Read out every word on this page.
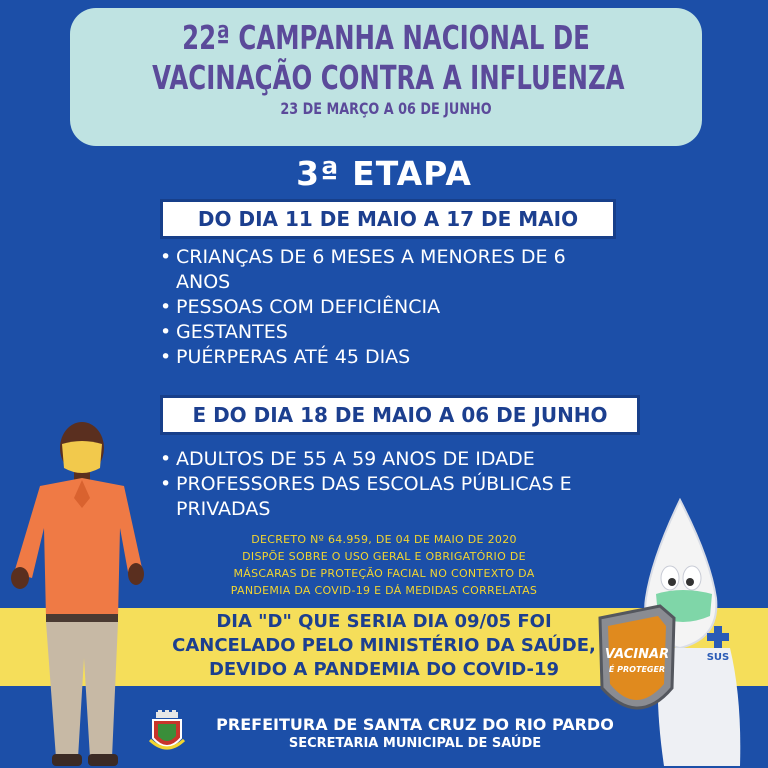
22ª CAMPANHA NACIONAL DE
VACINAÇÃO CONTRA A INFLUENZA
23 DE MARÇO A 06 DE JUNHO
3ª ETAPA
DO DIA 11 DE MAIO A 17 DE MAIO
• CRIANÇAS DE 6 MESES A MENORES DE 6 ANOS
• PESSOAS COM DEFICIÊNCIA
• GESTANTES
• PUÉRPERAS ATÉ 45 DIAS
E DO DIA 18 DE MAIO A 06 DE JUNHO
• ADULTOS DE 55 A 59 ANOS DE IDADE
• PROFESSORES DAS ESCOLAS PÚBLICAS E PRIVADAS
DECRETO Nº 64.959, DE 04 DE MAIO DE 2020
DISPÕE SOBRE O USO GERAL E OBRIGATÓRIO DE
MÁSCARAS DE PROTEÇÃO FACIAL NO CONTEXTO DA
PANDEMIA DA COVID-19 E DÁ MEDIDAS CORRELATAS
DIA "D" QUE SERIA DIA 09/05 FOI
CANCELADO PELO MINISTÉRIO DA SAÚDE,
DEVIDO A PANDEMIA DO COVID-19
SUS
VACINAR
É PROTEGER
PREFEITURA DE SANTA CRUZ DO RIO PARDO
SECRETARIA MUNICIPAL DE SAÚDE
